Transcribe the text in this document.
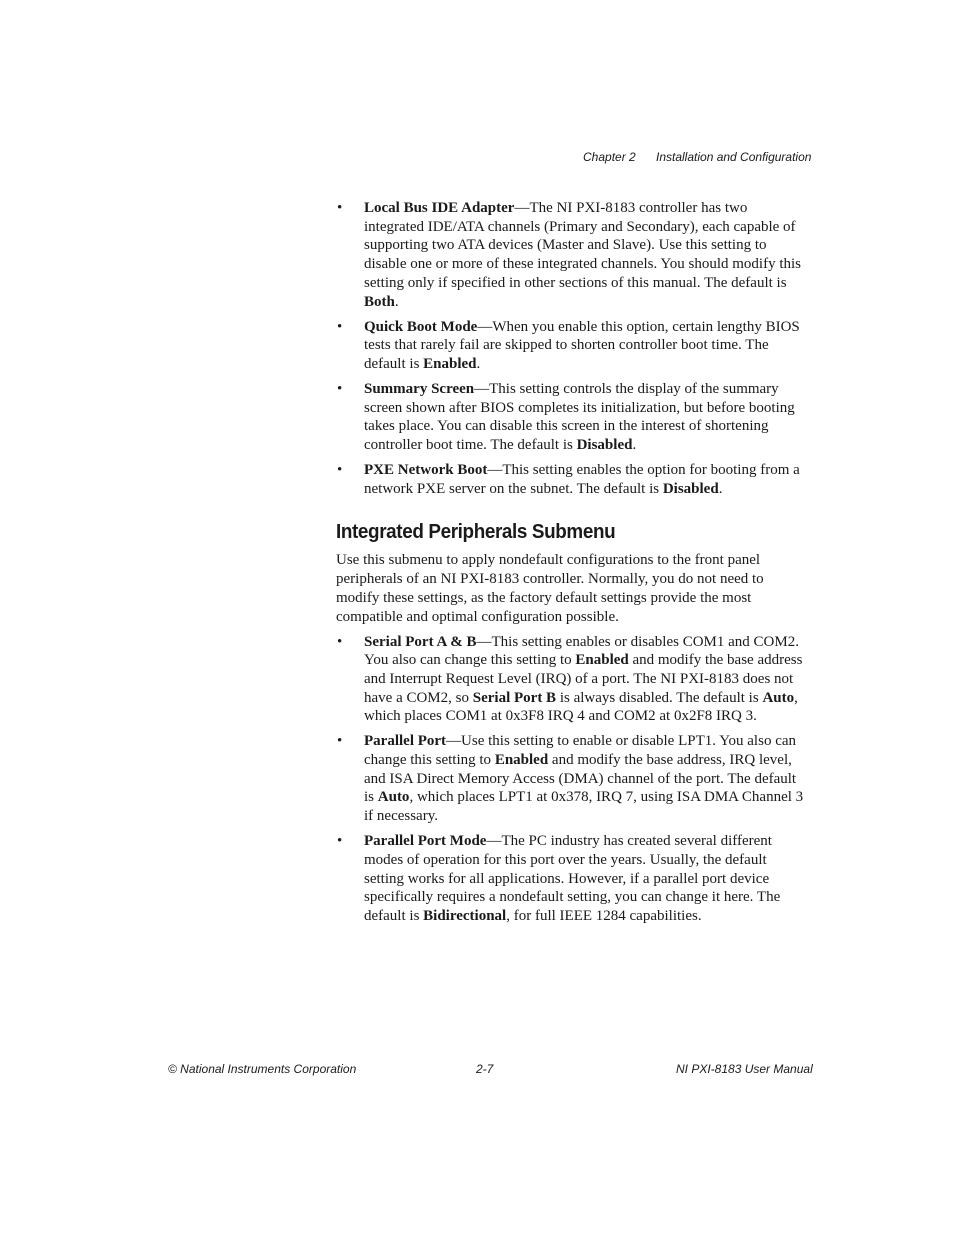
Chapter 2 Installation and Configuration
• Local Bus IDE Adapter—The NI PXI-8183 controller has two integrated IDE/ATA channels (Primary and Secondary), each capable of supporting two ATA devices (Master and Slave). Use this setting to disable one or more of these integrated channels. You should modify this setting only if specified in other sections of this manual. The default is Both.
• Quick Boot Mode—When you enable this option, certain lengthy BIOS tests that rarely fail are skipped to shorten controller boot time. The default is Enabled.
• Summary Screen—This setting controls the display of the summary screen shown after BIOS completes its initialization, but before booting takes place. You can disable this screen in the interest of shortening controller boot time. The default is Disabled.
• PXE Network Boot—This setting enables the option for booting from a network PXE server on the subnet. The default is Disabled.
Integrated Peripherals Submenu

Use this submenu to apply nondefault configurations to the front panel peripherals of an NI PXI-8183 controller. Normally, you do not need to modify these settings, as the factory default settings provide the most compatible and optimal configuration possible.

• Serial Port A & B—This setting enables or disables COM1 and COM2. You also can change this setting to Enabled and modify the base address and Interrupt Request Level (IRQ) of a port. The NI PXI-8183 does not have a COM2, so Serial Port B is always disabled. The default is Auto, which places COM1 at 0x3F8 IRQ 4 and COM2 at 0x2F8 IRQ 3.
• Parallel Port—Use this setting to enable or disable LPT1. You also can change this setting to Enabled and modify the base address, IRQ level, and ISA Direct Memory Access (DMA) channel of the port. The default is Auto, which places LPT1 at 0x378, IRQ 7, using ISA DMA Channel 3 if necessary.
• Parallel Port Mode—The PC industry has created several different modes of operation for this port over the years. Usually, the default setting works for all applications. However, if a parallel port device specifically requires a nondefault setting, you can change it here. The default is Bidirectional, for full IEEE 1284 capabilities.
© National Instruments Corporation	2-7	NI PXI-8183 User Manual
